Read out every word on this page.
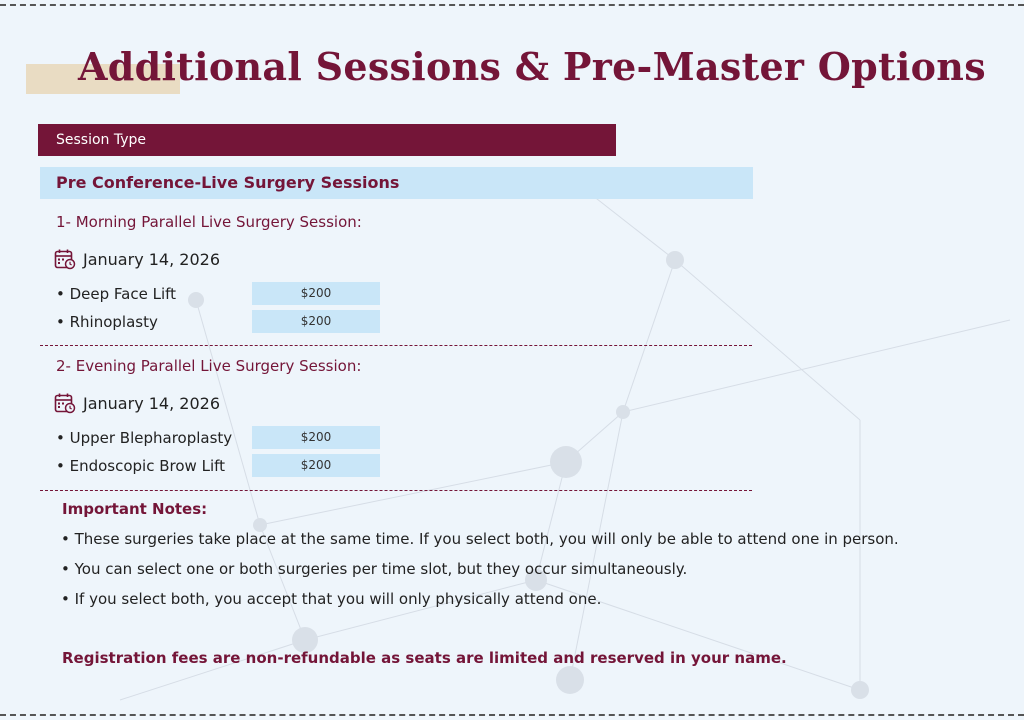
Additional Sessions & Pre-Master Options
Session Type
Pre Conference-Live Surgery Sessions
1- Morning Parallel Live Surgery Session:
January 14, 2026
• Deep Face Lift	$200
• Rhinoplasty	$200
2- Evening Parallel Live Surgery Session:
January 14, 2026
• Upper Blepharoplasty	$200
• Endoscopic Brow Lift	$200
Important Notes:
• These surgeries take place at the same time. If you select both, you will only be able to attend one in person.
• You can select one or both surgeries per time slot, but they occur simultaneously.
• If you select both, you accept that you will only physically attend one.
Registration fees are non-refundable as seats are limited and reserved in your name.
